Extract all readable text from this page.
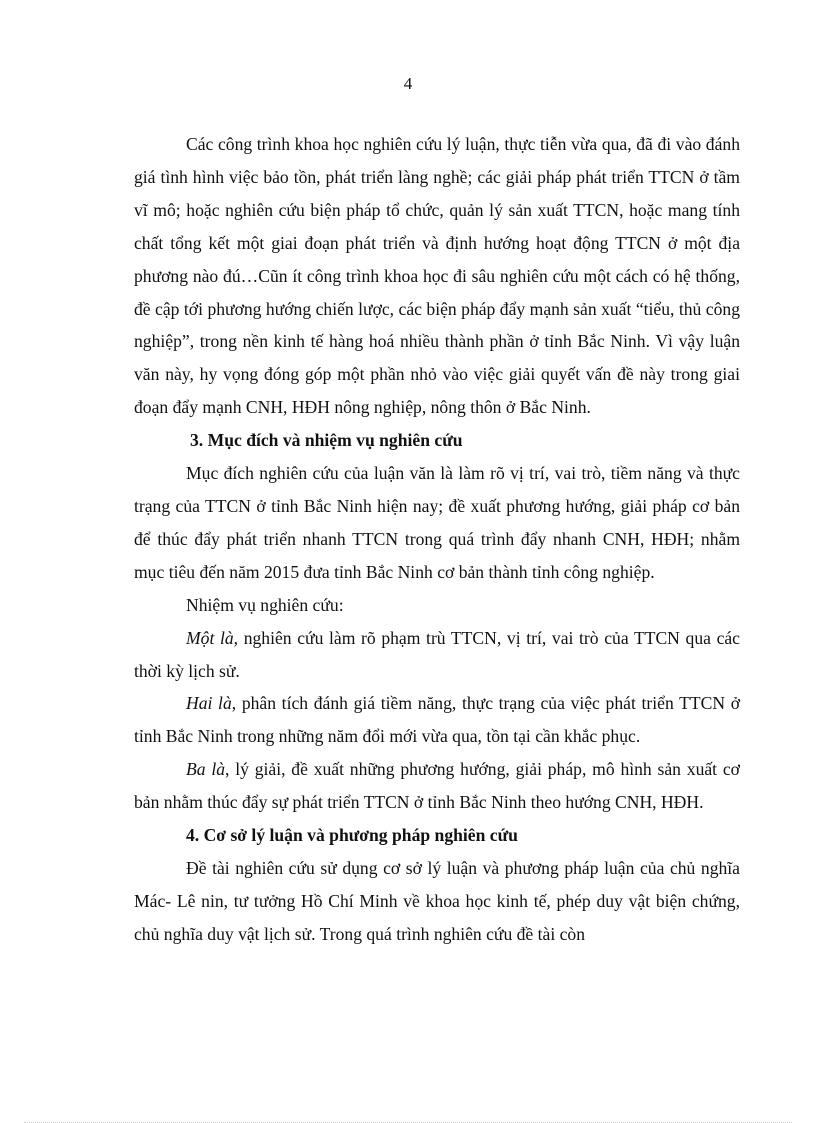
4

Các công trình khoa học nghiên cứu lý luận, thực tiễn vừa qua, đã đi vào đánh giá tình hình việc bảo tồn, phát triển làng nghề; các giải pháp phát triển TTCN ở tầm vĩ mô; hoặc nghiên cứu biện pháp tổ chức, quản lý sản xuất TTCN, hoặc mang tính chất tổng kết một giai đoạn phát triển và định hướng hoạt động TTCN ở một địa phương nào đú…Cũn ít công trình khoa học đi sâu nghiên cứu một cách có hệ thống, đề cập tới phương hướng chiến lược, các biện pháp đẩy mạnh sản xuất “tiểu, thủ công nghiệp”, trong nền kinh tế hàng hoá nhiều thành phần ở tỉnh Bắc Ninh. Vì vậy luận văn này, hy vọng đóng góp một phần nhỏ vào việc giải quyết vấn đề này trong giai đoạn đẩy mạnh CNH, HĐH nông nghiệp, nông thôn ở Bắc Ninh.

3. Mục đích và nhiệm vụ nghiên cứu

Mục đích nghiên cứu của luận văn là làm rõ vị trí, vai trò, tiềm năng và thực trạng của TTCN ở tỉnh Bắc Ninh hiện nay; đề xuất phương hướng, giải pháp cơ bản để thúc đẩy phát triển nhanh TTCN trong quá trình đẩy nhanh CNH, HĐH; nhằm mục tiêu đến năm 2015 đưa tỉnh Bắc Ninh cơ bản thành tỉnh công nghiệp.

Nhiệm vụ nghiên cứu:

Một là, nghiên cứu làm rõ phạm trù TTCN, vị trí, vai trò của TTCN qua các thời kỳ lịch sử.

Hai là, phân tích đánh giá tiềm năng, thực trạng của việc phát triển TTCN ở tỉnh Bắc Ninh trong những năm đổi mới vừa qua, tồn tại cần khắc phục.

Ba là, lý giải, đề xuất những phương hướng, giải pháp, mô hình sản xuất cơ bản nhằm thúc đẩy sự phát triển TTCN ở tỉnh Bắc Ninh theo hướng CNH, HĐH.

4. Cơ sở lý luận và phương pháp nghiên cứu

Đề tài nghiên cứu sử dụng cơ sở lý luận và phương pháp luận của chủ nghĩa Mác- Lê nin, tư tưởng Hồ Chí Minh về khoa học kinh tế, phép duy vật biện chứng, chủ nghĩa duy vật lịch sử. Trong quá trình nghiên cứu đề tài còn
